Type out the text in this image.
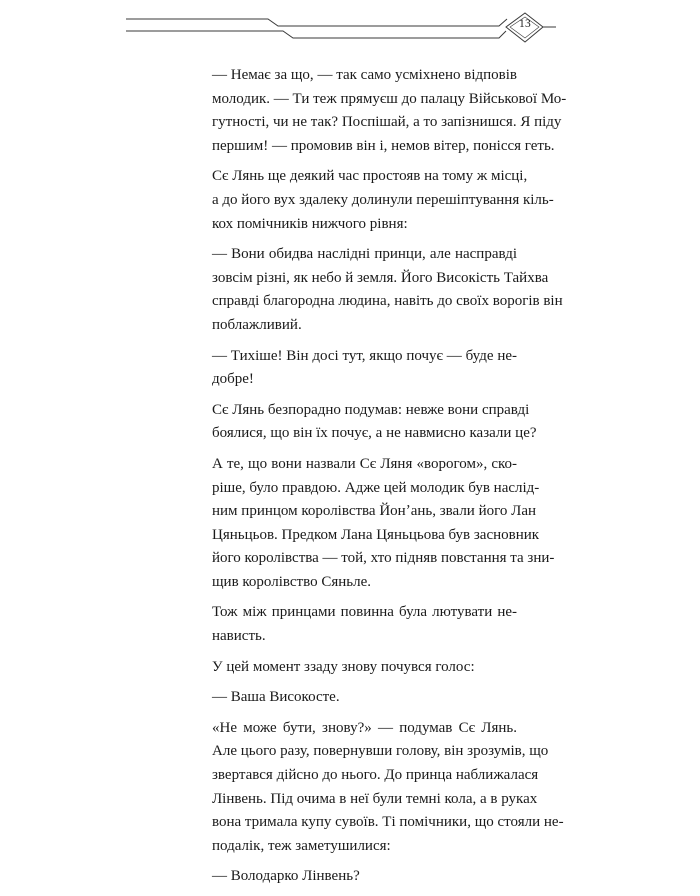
13

— Немає за що, — так само усміхнено відповів
молодик. — Ти теж прямуєш до палацу Військової Мо-
гутності, чи не так? Поспішай, а то запізнишся. Я піду
першим! — промовив він і, немов вітер, понісся геть.

Сє Лянь ще деякий час простояв на тому ж місці,
а до його вух здалеку долинули перешіптування кіль-
кох помічників нижчого рівня:

— Вони обидва наслідні принци, але насправді
зовсім різні, як небо й земля. Його Високість Тайхва
справді благородна людина, навіть до своїх ворогів він
поблажливий.

— Тихіше! Він досі тут, якщо почує — буде не-
добре!

Сє Лянь безпорадно подумав: невже вони справді
боялися, що він їх почує, а не навмисно казали це?

А те, що вони назвали Сє Ляня «ворогом», ско-
ріше, було правдою. Адже цей молодик був наслід-
ним принцом королівства Йонʼань, звали його Лан
Цяньцьов. Предком Лана Цяньцьова був засновник
його королівства — той, хто підняв повстання та зни-
щив королівство Сяньле.

Тож між принцами повинна була лютувати не-
нависть.

У цей момент ззаду знову почувся голос:

— Ваша Високосте.

«Не може бути, знову?» — подумав Сє Лянь.
Але цього разу, повернувши голову, він зрозумів, що
звертався дійсно до нього. До принца наближалася
Лінвень. Під очима в неї були темні кола, а в руках
вона тримала купу сувоїв. Ті помічники, що стояли не-
подалік, теж заметушилися:

— Володарко Лінвень?
